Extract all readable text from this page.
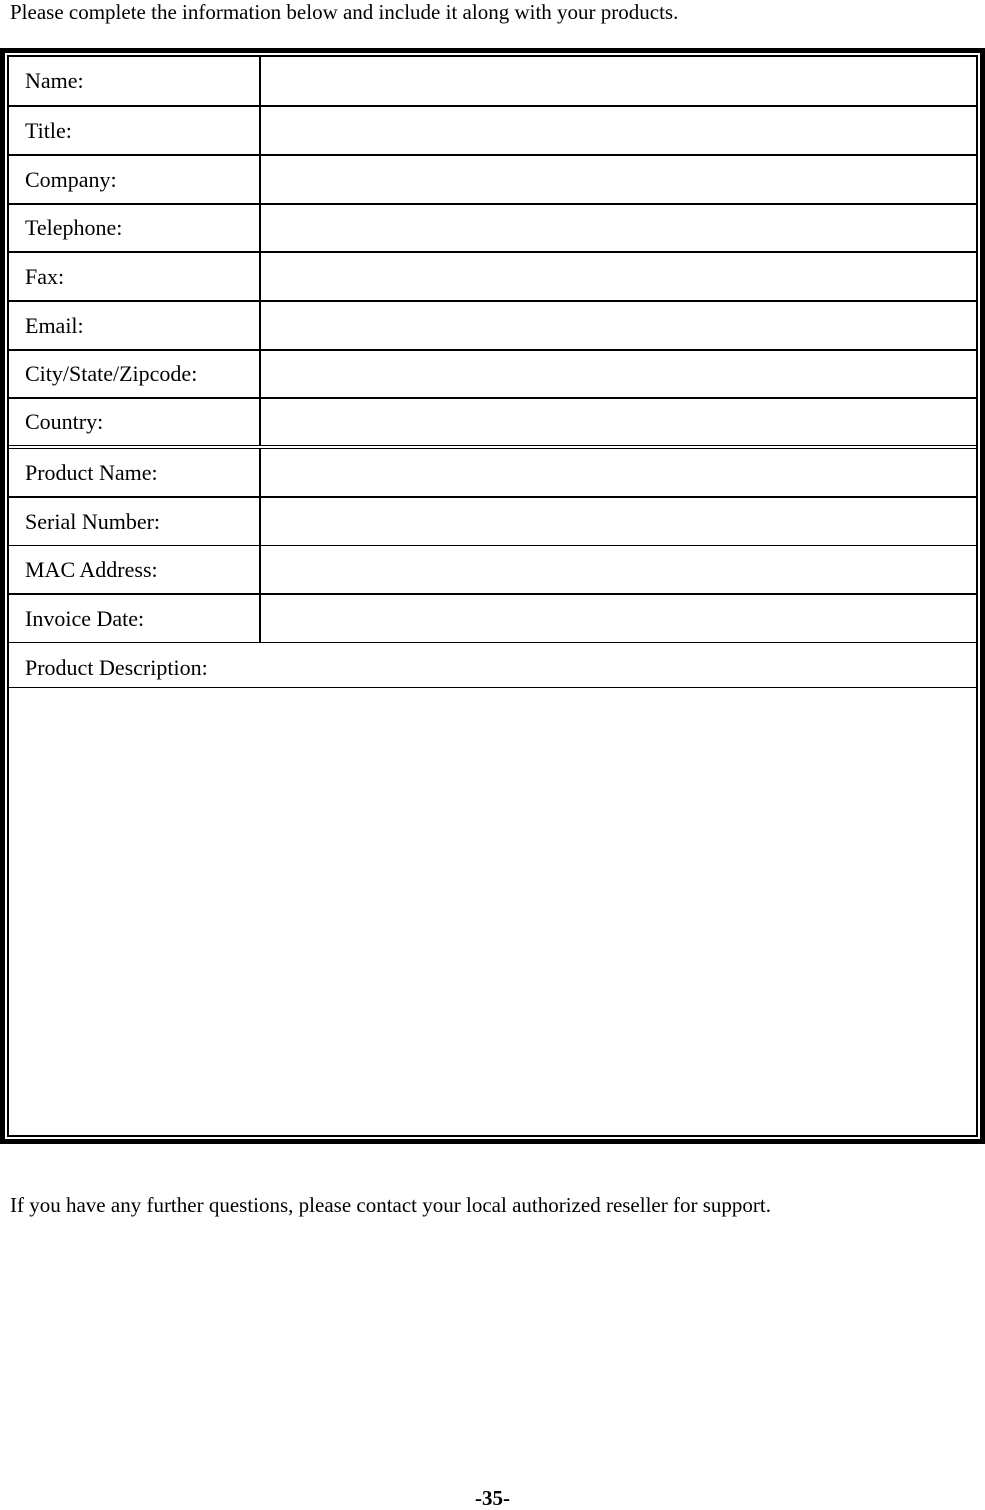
Please complete the information below and include it along with your products.
Name:
Title:
Company:
Telephone:
Fax:
Email:
City/State/Zipcode:
Country:
Product Name:
Serial Number:
MAC Address:
Invoice Date:
Product Description:
If you have any further questions, please contact your local authorized reseller for support.
-35-
